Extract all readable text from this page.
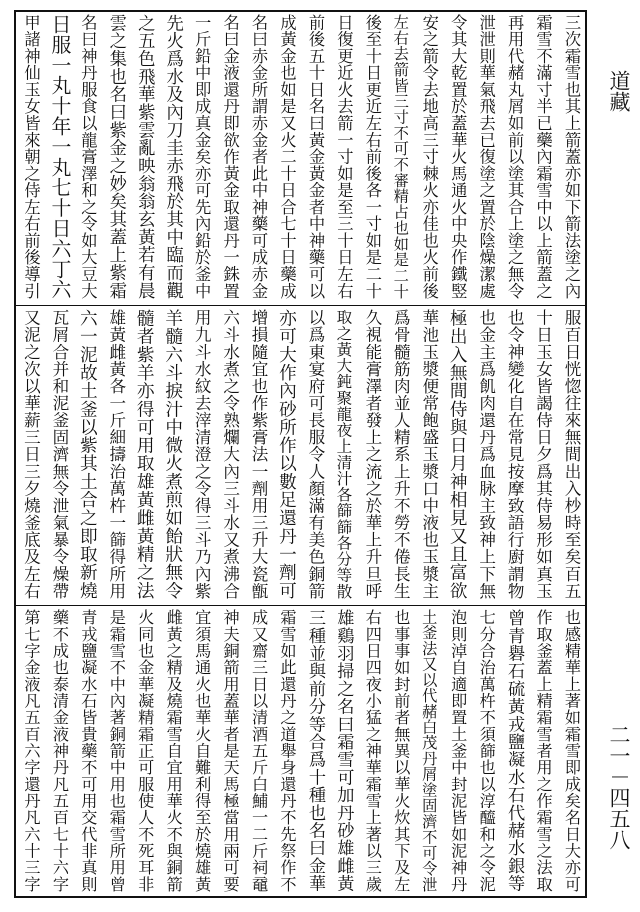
三次霜雪也其上箭蓋亦如下箭法塗之內
霜雪不滿寸半已藥內霜雪中以上箭蓋之
再用代赭丸屑如前以塗其合上塗之無令
泄泄則華氣飛去已復塗之置於陰燥潔處
令其大乾置於蓋華火馬通火中央作鐵竪
安之箭令去地高三寸棘火亦佳也火前後
左右去箭皆三寸不可不審精占也如是二十
後至十日更近左右前後各一寸如是二十
日復更近火去箭一寸如是至三十日左右
前後五十日名曰黃金黃金者中神藥可以
成黃金也如是又火二十日合七十日藥成
名曰赤金所謂赤金者此中神藥可成赤金
名曰金液還丹即欲作黃金取還丹一銖置
一斤鉛中即成真金矣亦可先內鉛於釜中
先火爲水及內刀圭赤飛於其中臨而觀
之五色飛華紫雲亂映翁翁玄黃若有晨
雲之集也名曰紫金之妙矣其蓋上紫霜
名曰神丹服食以龍膏澤和之令如大豆大
日服一丸十年一丸七十日六丁六
甲諸神仙玉女皆來朝之侍左右前後導引
服百日恍惚往來無間出入杪時至矣百五
十日玉女皆謁侍日夕爲其侍易形如真玉
也令神變化自在常見按摩致語行廚謂物
也金主爲飢肉還丹爲血脉主致神上下無
極出入無間侍與日月神相見又且富欲
華池玉漿便常飽盛玉漿口中液也玉漿主
爲骨髓筋肉並人精系上升不勞不倦長生
久視能膏澤者發上之流之於華上升旦呼
取之黃大鈍聚龍夜上清汁各篩篩各分等散
以爲東宴府可長服令人顏滿有美色銅箭
亦可大作內砂所作以數足還丹一劑可
增損隨宜也作紫膏法一劑用三升大瓷甑
六斗水煮之令熟爛大內三斗水又煮沸合
用九斗水紋去滓清澄之令得三斗乃內紫
羊髓六斗捩汁中微火煮煎如飴狀無令
髓者紫羊亦得可用取雄黃雌黃精之法
雄黃雌黃各一斤細擣治萬杵一篩得所用
六一泥故土釜以紫其土合之即取新燒
瓦屑合并和泥釜固濟無令泄氣暴令燥帶
又泥之次以華薪三日三夕燒釜底及左右
也感精華上著如霜雪即成矣名日大亦可
作取釜蓋上精霜雪者用之作霜雪之法取
曾青礜石硫黃戎鹽凝水石代赭水銀等
七分合治萬杵不須篩也以淳醯和之令泥
泡則淖自適即置土釜中封泥皆如泥神丹
土釜法又以代赭白茂丹屑塗固濟不可令泄
也事事如封前者無異以華火炊其下及左
右四日四夜小猛之神華霜雪上著以三歲
雄鷄羽掃之名曰霜雪可加丹砂雄雌黃
三種並與前分等合爲十種也名曰金華
霜雪如此還丹之道舉身還丹不先祭作不
成又齋三日以清酒五斤白鯆一二斤祠黿
神夫銅箭用蓋華者是天馬極當用兩可要
宜須馬通火也華火自難利得至於燒雄黃
雌黃之精及燒霜雪自宜用華火不與銅箭
火同也金華凝精霜正可服使人不死耳非
是霜雪不中內著銅箭中用也霜雪所用曾
青戎鹽凝水石皆貴藥不可用交代非真則
藥不成也泰清金液神丹凡五百七十六字
第七字金液凡五百六字還丹凡六十三字
道藏
二一－四五八
